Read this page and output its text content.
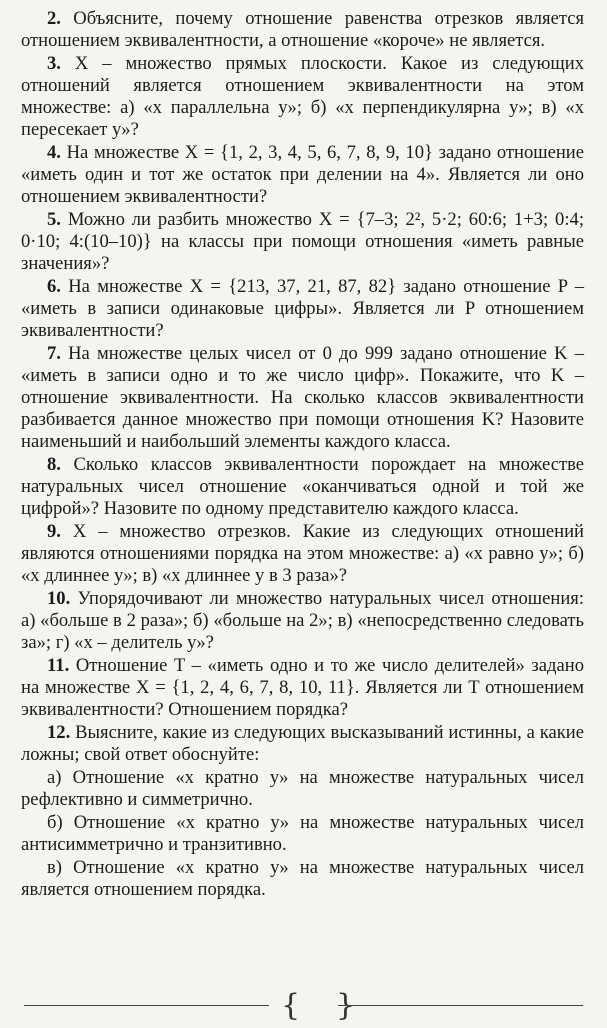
2. Объясните, почему отношение равенства отрезков является отношением эквивалентности, а отношение «короче» не является.

3. X – множество прямых плоскости. Какое из следующих отношений является отношением эквивалентности на этом множестве: а) «x параллельна y»; б) «x перпендикулярна y»; в) «x пересекает y»?

4. На множестве X = {1, 2, 3, 4, 5, 6, 7, 8, 9, 10} задано отношение «иметь один и тот же остаток при делении на 4». Является ли оно отношением эквивалентности?

5. Можно ли разбить множество X = {7–3; 2², 5·2; 60:6; 1+3; 0:4; 0·10; 4:(10–10)} на классы при помощи отношения «иметь равные значения»?

6. На множестве X = {213, 37, 21, 87, 82} задано отношение P – «иметь в записи одинаковые цифры». Является ли P отношением эквивалентности?

7. На множестве целых чисел от 0 до 999 задано отношение K – «иметь в записи одно и то же число цифр». Покажите, что K – отношение эквивалентности. На сколько классов эквивалентности разбивается данное множество при помощи отношения K? Назовите наименьший и наибольший элементы каждого класса.

8. Сколько классов эквивалентности порождает на множестве натуральных чисел отношение «оканчиваться одной и той же цифрой»? Назовите по одному представителю каждого класса.

9. X – множество отрезков. Какие из следующих отношений являются отношениями порядка на этом множестве: а) «x равно y»; б) «x длиннее y»; в) «x длиннее y в 3 раза»?

10. Упорядочивают ли множество натуральных чисел отношения: а) «больше в 2 раза»; б) «больше на 2»; в) «непосредственно следовать за»; г) «x – делитель y»?

11. Отношение T – «иметь одно и то же число делителей» задано на множестве X = {1, 2, 4, 6, 7, 8, 10, 11}. Является ли T отношением эквивалентности? Отношением порядка?

12. Выясните, какие из следующих высказываний истинны, а какие ложны; свой ответ обоснуйте:

а) Отношение «x кратно y» на множестве натуральных чисел рефлективно и симметрично.

б) Отношение «x кратно y» на множестве натуральных чисел антисимметрично и транзитивно.

в) Отношение «x кратно y» на множестве натуральных чисел является отношением порядка.

{ }
